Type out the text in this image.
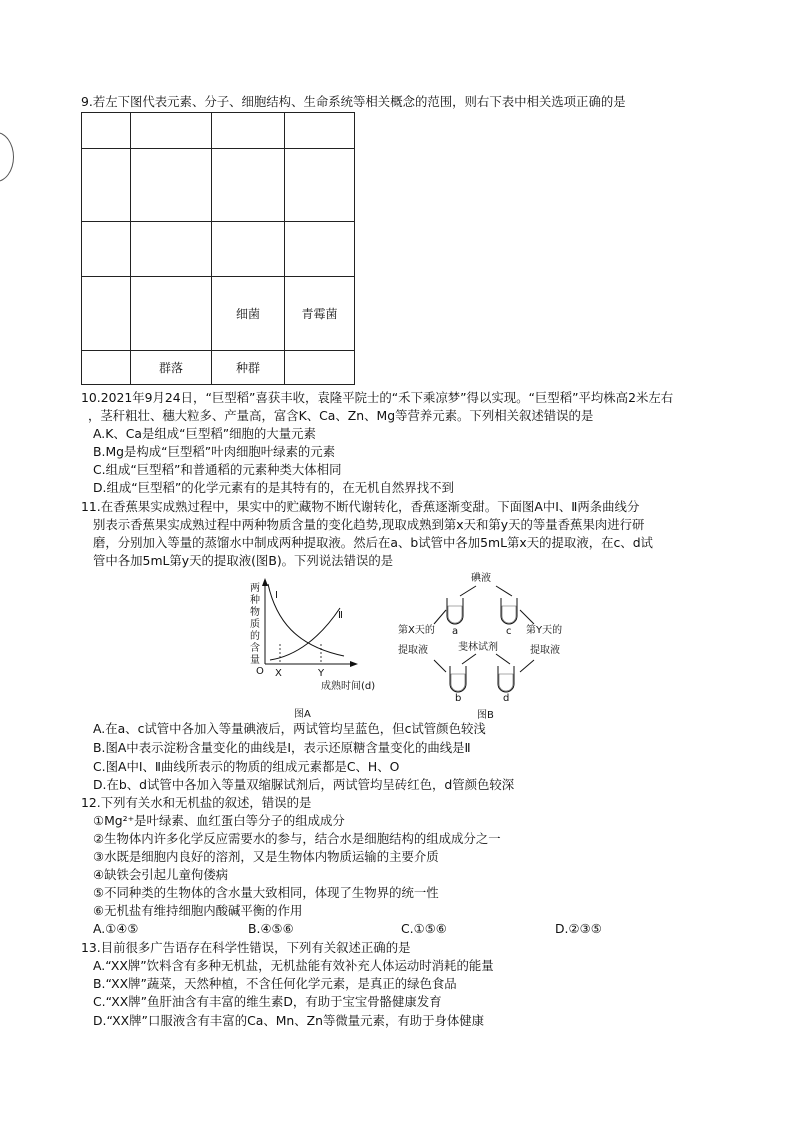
9.若左下图代表元素、分子、细胞结构、生命系统等相关概念的范围，则右下表中相关选项正确的是

		细菌	青霉菌
	群落	种群	
10.2021年9月24日，“巨型稻”喜获丰收，袁隆平院士的“禾下乘凉梦”得以实现。“巨型稻”平均株高2米左右
，茎秆粗壮、穗大粒多、产量高，富含K、Ca、Zn、Mg等营养元素。下列相关叙述错误的是
A.K、Ca是组成“巨型稻”细胞的大量元素
B.Mg是构成“巨型稻”叶肉细胞叶绿素的元素
C.组成“巨型稻”和普通稻的元素种类大体相同
D.组成“巨型稻”的化学元素有的是其特有的，在无机自然界找不到
11.在香蕉果实成熟过程中，果实中的贮藏物不断代谢转化，香蕉逐渐变甜。下面图A中Ⅰ、Ⅱ两条曲线分
别表示香蕉果实成熟过程中两种物质含量的变化趋势,现取成熟到第x天和第y天的等量香蕉果肉进行研
磨，分别加入等量的蒸馏水中制成两种提取液。然后在a、b试管中各加5mL第x天的提取液，在c、d试
管中各加5mL第y天的提取液(图B)。下列说法错误的是
两
种
物
质
的
含
量
Ⅰ
Ⅱ
O X	Y
成熟时间(d)
图A
碘液
a	c
第X天的
提取液
第Y天的
提取液
斐林试剂
b	d
图B
A.在a、c试管中各加入等量碘液后，两试管均呈蓝色，但c试管颜色较浅
B.图A中表示淀粉含量变化的曲线是Ⅰ，表示还原糖含量变化的曲线是Ⅱ
C.图A中Ⅰ、Ⅱ曲线所表示的物质的组成元素都是C、H、O
D.在b、d试管中各加入等量双缩脲试剂后，两试管均呈砖红色，d管颜色较深
12.下列有关水和无机盐的叙述，错误的是
①Mg²⁺是叶绿素、血红蛋白等分子的组成成分
②生物体内许多化学反应需要水的参与，结合水是细胞结构的组成成分之一
③水既是细胞内良好的溶剂，又是生物体内物质运输的主要介质
④缺铁会引起儿童佝偻病
⑤不同种类的生物体的含水量大致相同，体现了生物界的统一性
⑥无机盐有维持细胞内酸碱平衡的作用
A.①④⑤	B.④⑤⑥	C.①⑤⑥	D.②③⑤
13.目前很多广告语存在科学性错误，下列有关叙述正确的是
A.“XX牌”饮料含有多种无机盐，无机盐能有效补充人体运动时消耗的能量
B.“XX牌”蔬菜，天然种植，不含任何化学元素，是真正的绿色食品
C.“XX牌”鱼肝油含有丰富的维生素D，有助于宝宝骨骼健康发育
D.“XX牌”口服液含有丰富的Ca、Mn、Zn等微量元素，有助于身体健康
